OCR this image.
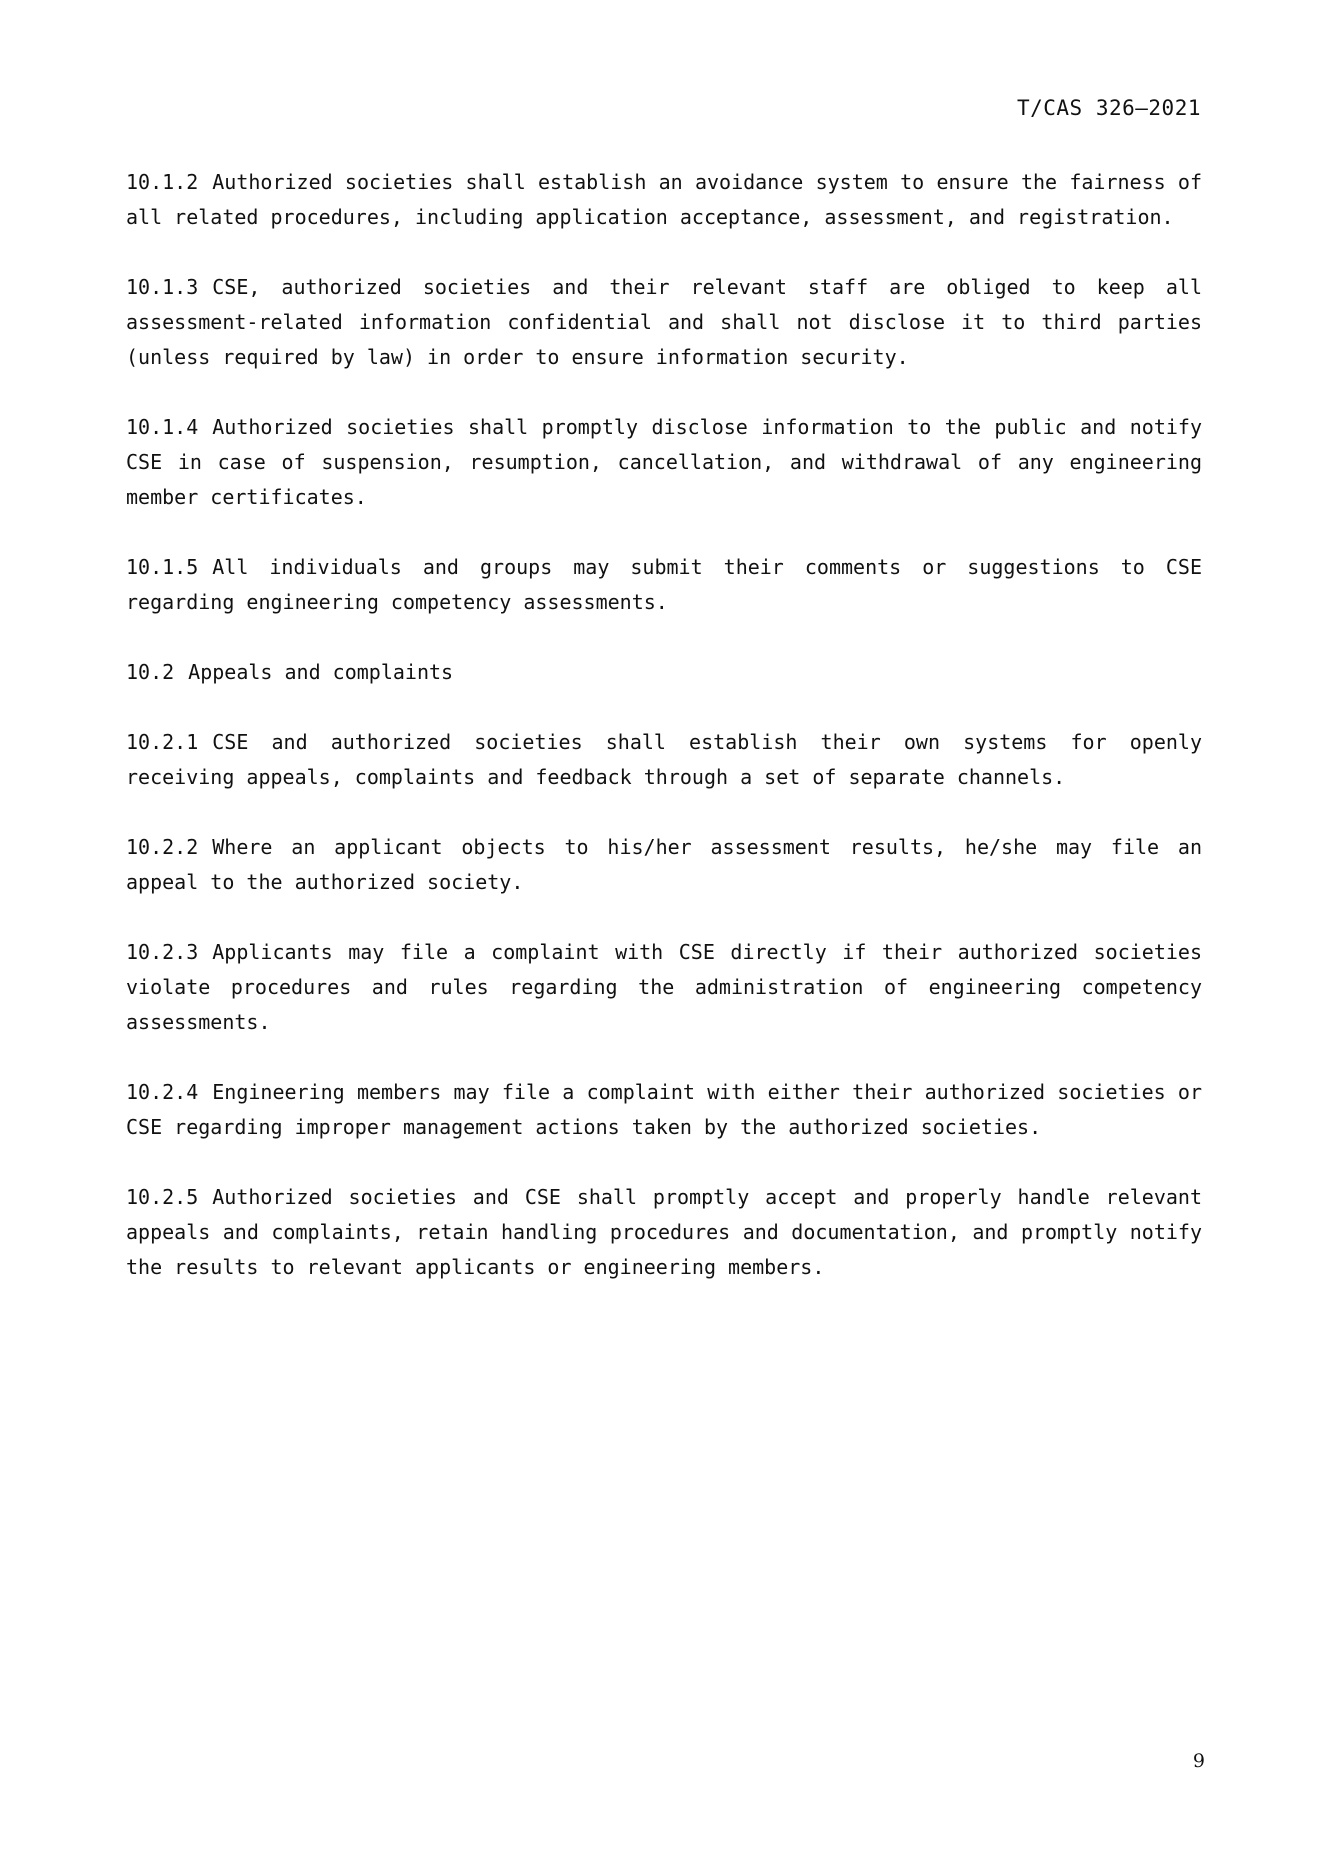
T/CAS 326—2021

10.1.2 Authorized societies shall establish an avoidance system to ensure the fairness of all related procedures, including application acceptance, assessment, and registration.

10.1.3 CSE, authorized societies and their relevant staff are obliged to keep all assessment-related information confidential and shall not disclose it to third parties (unless required by law) in order to ensure information security.

10.1.4 Authorized societies shall promptly disclose information to the public and notify CSE in case of suspension, resumption, cancellation, and withdrawal of any engineering member certificates.

10.1.5 All individuals and groups may submit their comments or suggestions to CSE regarding engineering competency assessments.

10.2 Appeals and complaints

10.2.1 CSE and authorized societies shall establish their own systems for openly receiving appeals, complaints and feedback through a set of separate channels.

10.2.2 Where an applicant objects to his/her assessment results, he/she may file an appeal to the authorized society.

10.2.3 Applicants may file a complaint with CSE directly if their authorized societies violate procedures and rules regarding the administration of engineering competency assessments.

10.2.4 Engineering members may file a complaint with either their authorized societies or CSE regarding improper management actions taken by the authorized societies.

10.2.5 Authorized societies and CSE shall promptly accept and properly handle relevant appeals and complaints, retain handling procedures and documentation, and promptly notify the results to relevant applicants or engineering members.

9
